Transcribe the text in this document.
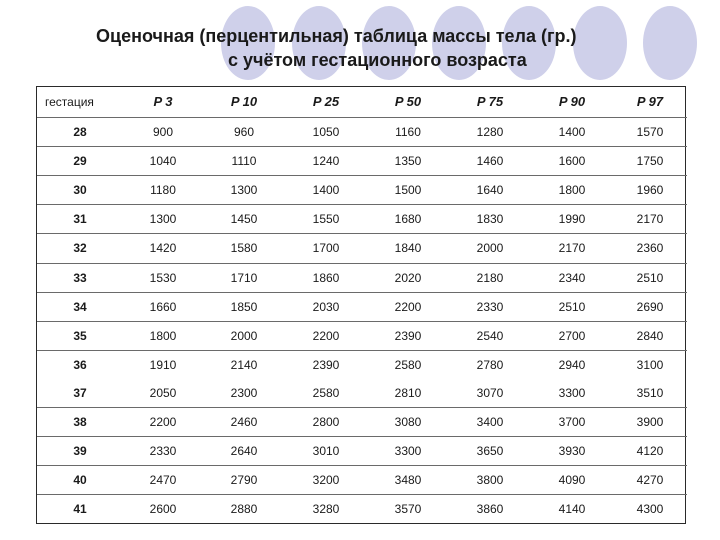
Оценочная (перцентильная) таблица массы тела (гр.)
с учётом гестационного возраста
гестация	P 3	P 10	P 25	P 50	P 75	P 90	P 97
28	900	960	1050	1160	1280	1400	1570
29	1040	1110	1240	1350	1460	1600	1750
30	1180	1300	1400	1500	1640	1800	1960
31	1300	1450	1550	1680	1830	1990	2170
32	1420	1580	1700	1840	2000	2170	2360
33	1530	1710	1860	2020	2180	2340	2510
34	1660	1850	2030	2200	2330	2510	2690
35	1800	2000	2200	2390	2540	2700	2840
36	1910	2140	2390	2580	2780	2940	3100
37	2050	2300	2580	2810	3070	3300	3510
38	2200	2460	2800	3080	3400	3700	3900
39	2330	2640	3010	3300	3650	3930	4120
40	2470	2790	3200	3480	3800	4090	4270
41	2600	2880	3280	3570	3860	4140	4300
